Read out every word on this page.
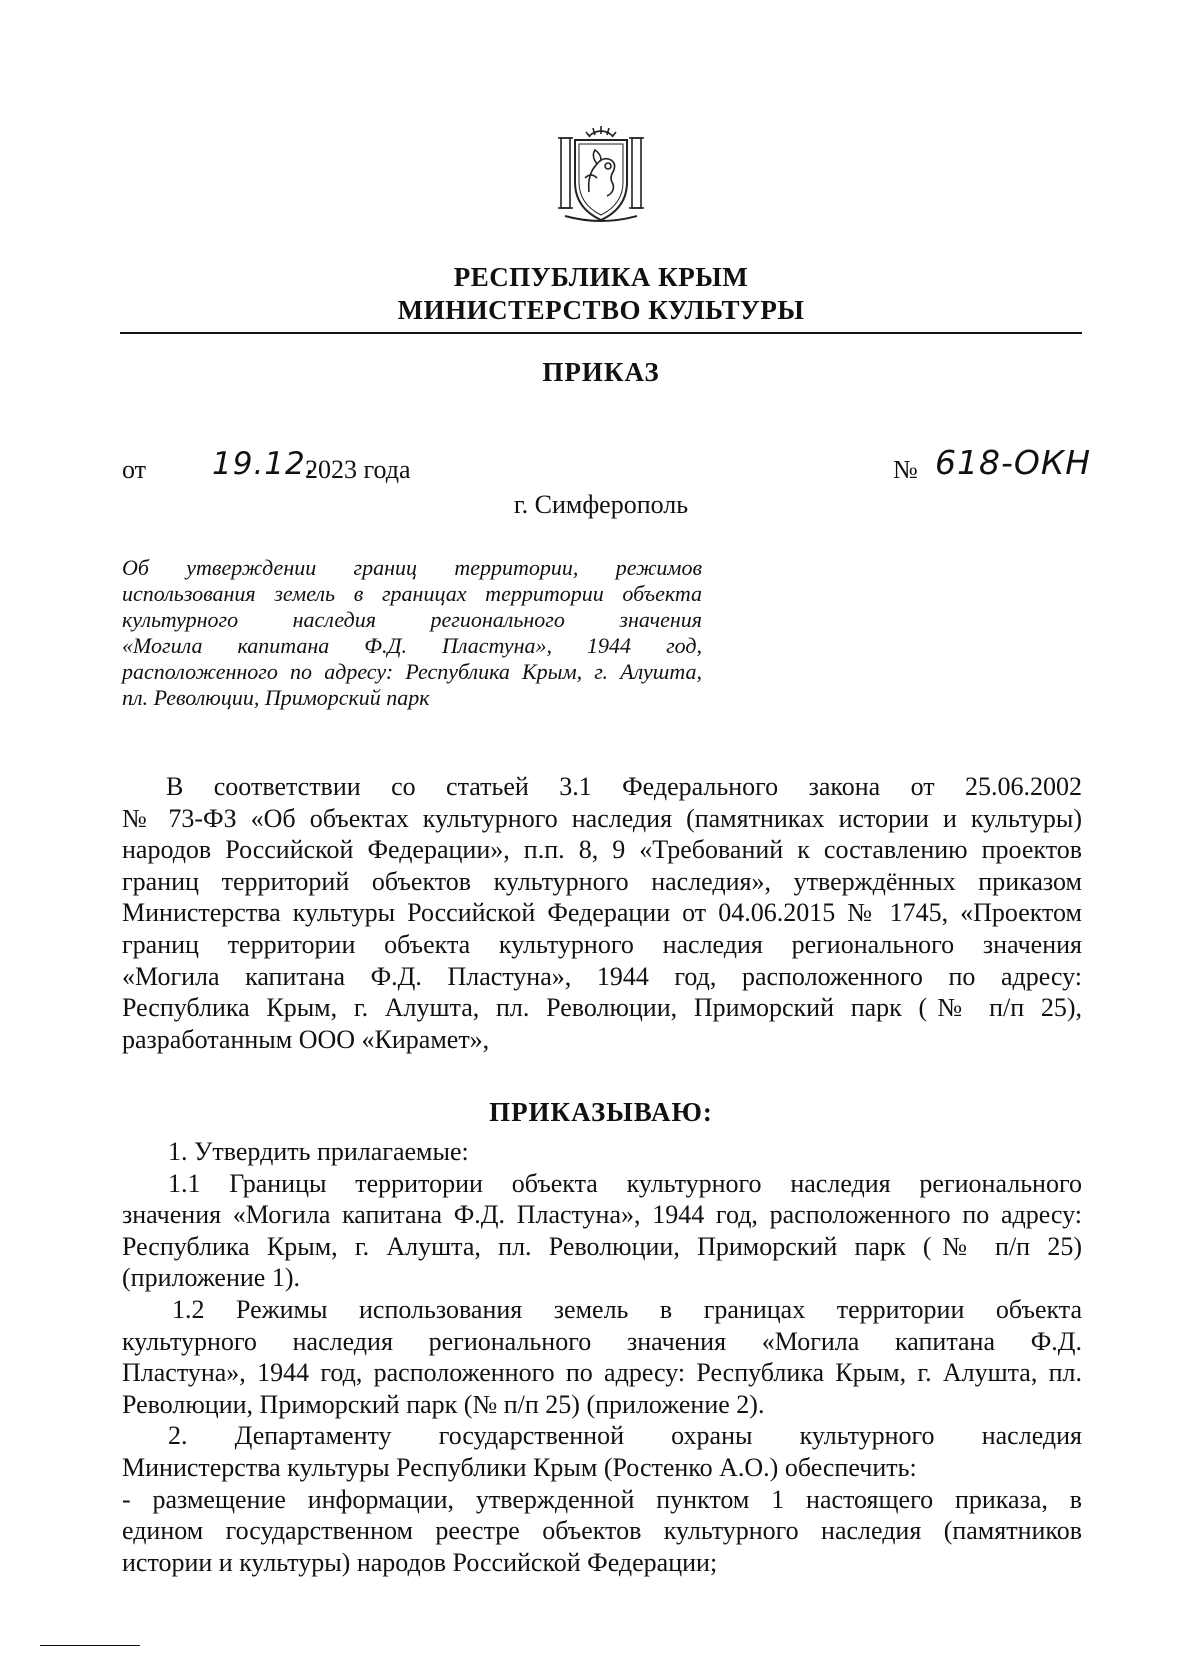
РЕСПУБЛИКА КРЫМ
МИНИСТЕРСТВО КУЛЬТУРЫ
ПРИКАЗ
от 19.12.
2023 года	№ 618-ОКН
г. Симферополь

Об утверждении границ территории, режимов

использования земель в границах территории объекта

культурного наследия регионального значения

«Могила капитана Ф.Д. Пластуна», 1944 год,

расположенного по адресу: Республика Крым, г. Алушта,

пл. Революции, Приморский парк

В соответствии со статьей 3.1 Федерального закона от 25.06.2002

№ 73-ФЗ «Об объектах культурного наследия (памятниках истории и культуры)

народов Российской Федерации», п.п. 8, 9 «Требований к составлению проектов

границ территорий объектов культурного наследия», утверждённых приказом

Министерства культуры Российской Федерации от 04.06.2015 № 1745, «Проектом

границ территории объекта культурного наследия регионального значения

«Могила капитана Ф.Д. Пластуна», 1944 год, расположенного по адресу:

Республика Крым, г. Алушта, пл. Революции, Приморский парк (№ п/п 25),

разработанным ООО «Кирамет»,

ПРИКАЗЫВАЮ:

1. Утвердить прилагаемые:

1.1 Границы территории объекта культурного наследия регионального

значения «Могила капитана Ф.Д. Пластуна», 1944 год, расположенного по адресу:

Республика Крым, г. Алушта, пл. Революции, Приморский парк (№ п/п 25)

(приложение 1).

1.2 Режимы использования земель в границах территории объекта

культурного наследия регионального значения «Могила капитана Ф.Д.

Пластуна», 1944 год, расположенного по адресу: Республика Крым, г. Алушта, пл.

Революции, Приморский парк (№ п/п 25) (приложение 2).

2. Департаменту государственной охраны культурного наследия

Министерства культуры Республики Крым (Ростенко А.О.) обеспечить:

- размещение информации, утвержденной пунктом 1 настоящего приказа, в

едином государственном реестре объектов культурного наследия (памятников

истории и культуры) народов Российской Федерации;
